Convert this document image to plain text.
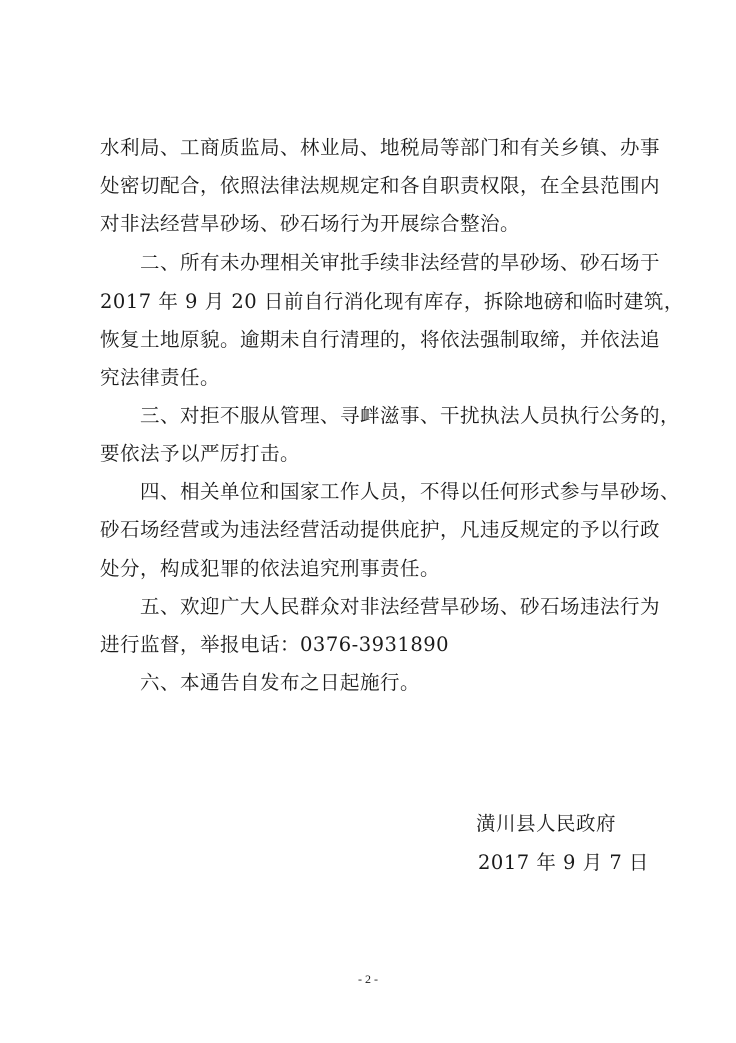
水利局、工商质监局、林业局、地税局等部门和有关乡镇、办事
处密切配合，依照法律法规规定和各自职责权限，在全县范围内
对非法经营旱砂场、砂石场行为开展综合整治。
二、所有未办理相关审批手续非法经营的旱砂场、砂石场于
2017 年 9 月 20 日前自行消化现有库存，拆除地磅和临时建筑，
恢复土地原貌。逾期未自行清理的，将依法强制取缔，并依法追
究法律责任。
三、对拒不服从管理、寻衅滋事、干扰执法人员执行公务的，
要依法予以严厉打击。
四、相关单位和国家工作人员，不得以任何形式参与旱砂场、
砂石场经营或为违法经营活动提供庇护，凡违反规定的予以行政
处分，构成犯罪的依法追究刑事责任。
五、欢迎广大人民群众对非法经营旱砂场、砂石场违法行为
进行监督，举报电话：0376-3931890
六、本通告自发布之日起施行。
潢川县人民政府
2017 年 9 月 7 日
- 2 -
